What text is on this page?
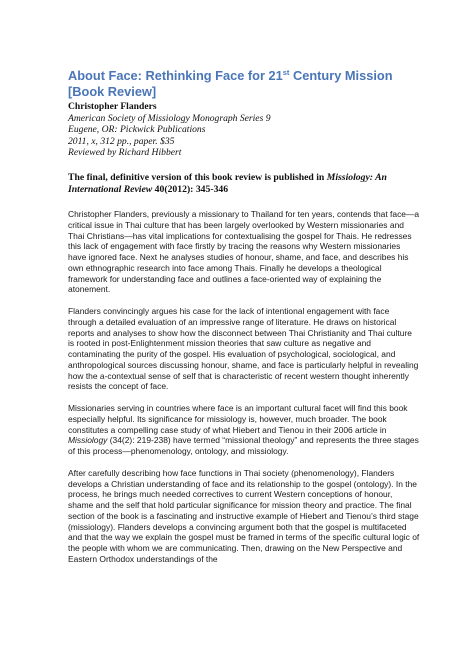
About Face: Rethinking Face for 21st Century Mission [Book Review]
Christopher Flanders
American Society of Missiology Monograph Series 9
Eugene, OR: Pickwick Publications
2011, x, 312 pp., paper. $35
Reviewed by Richard Hibbert
The final, definitive version of this book review is published in Missiology: An International Review 40(2012): 345-346

Christopher Flanders, previously a missionary to Thailand for ten years, contends that face—a critical issue in Thai culture that has been largely overlooked by Western missionaries and Thai Christians—has vital implications for contextualising the gospel for Thais. He redresses this lack of engagement with face firstly by tracing the reasons why Western missionaries have ignored face. Next he analyses studies of honour, shame, and face, and describes his own ethnographic research into face among Thais. Finally he develops a theological framework for understanding face and outlines a face-oriented way of explaining the atonement.

Flanders convincingly argues his case for the lack of intentional engagement with face through a detailed evaluation of an impressive range of literature. He draws on historical reports and analyses to show how the disconnect between Thai Christianity and Thai culture is rooted in post-Enlightenment mission theories that saw culture as negative and contaminating the purity of the gospel. His evaluation of psychological, sociological, and anthropological sources discussing honour, shame, and face is particularly helpful in revealing how the a-contextual sense of self that is characteristic of recent western thought inherently resists the concept of face.

Missionaries serving in countries where face is an important cultural facet will find this book especially helpful. Its significance for missiology is, however, much broader. The book constitutes a compelling case study of what Hiebert and Tienou in their 2006 article in Missiology (34(2): 219-238) have termed “missional theology” and represents the three stages of this process—phenomenology, ontology, and missiology.

After carefully describing how face functions in Thai society (phenomenology), Flanders develops a Christian understanding of face and its relationship to the gospel (ontology). In the process, he brings much needed correctives to current Western conceptions of honour, shame and the self that hold particular significance for mission theory and practice. The final section of the book is a fascinating and instructive example of Hiebert and Tienou’s third stage (missiology). Flanders develops a convincing argument both that the gospel is multifaceted and that the way we explain the gospel must be framed in terms of the specific cultural logic of the people with whom we are communicating. Then, drawing on the New Perspective and Eastern Orthodox understandings of the
